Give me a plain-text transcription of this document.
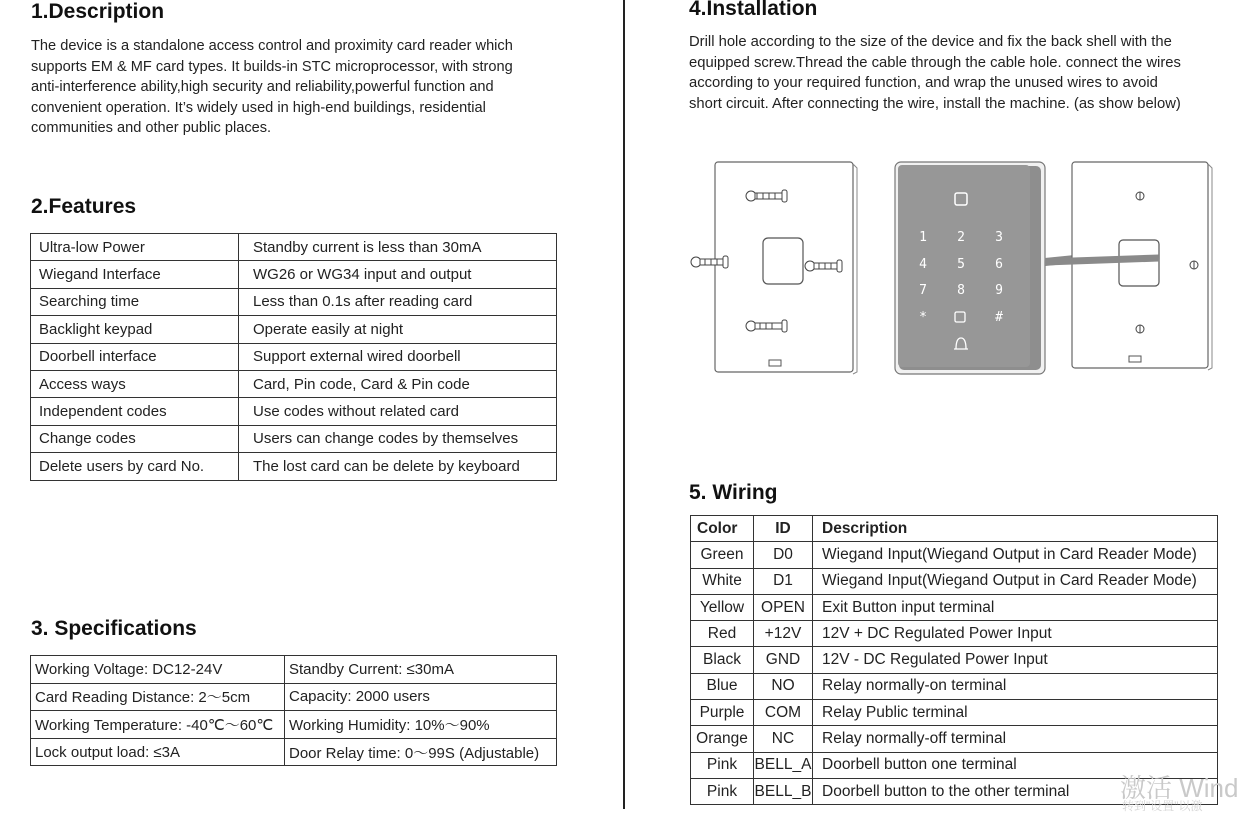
1.Description
The device is a standalone access control and proximity card reader which
supports EM & MF card types. It builds-in STC microprocessor, with strong
anti-interference ability,high security and reliability,powerful function and
convenient operation. It’s widely used in high-end buildings, residential
communities and other public places.
2.Features
Ultra-low Power	Standby current is less than 30mA
Wiegand Interface	WG26 or WG34 input and output
Searching time	Less than 0.1s after reading card
Backlight keypad	Operate easily at night
Doorbell interface	Support external wired doorbell
Access ways	Card, Pin code, Card & Pin code
Independent codes	Use codes without related card
Change codes	Users can change codes by themselves
Delete users by card No.	The lost card can be delete by keyboard
3. Specifications
Working Voltage: DC12-24V	Standby Current: ≤30mA
Card Reading Distance: 2～5cm	Capacity: 2000 users
Working Temperature: -40℃～60℃	Working Humidity: 10%～90%
Lock output load: ≤3A	Door Relay time: 0～99S (Adjustable)
4.Installation
Drill hole according to the size of the device and fix the back shell with the
equipped screw.Thread the cable through the cable hole. connect the wires
according to your required function, and wrap the unused wires to avoid
short circuit. After connecting the wire, install the machine. (as show below)
1 2 3
4 5 6
7 8 9
*	#
5. Wiring
Color	ID	Description
Green	D0	Wiegand Input(Wiegand Output in Card Reader Mode)
White	D1	Wiegand Input(Wiegand Output in Card Reader Mode)
Yellow	OPEN	Exit Button input terminal
Red	+12V	12V + DC Regulated Power Input
Black	GND	12V - DC Regulated Power Input
Blue	NO	Relay normally-on terminal
Purple	COM	Relay Public terminal
Orange	NC	Relay normally-off terminal
Pink	BELL_A	Doorbell button one terminal
Pink	BELL_B	Doorbell button to the other terminal 激活 Wind
转到"设置"以激
